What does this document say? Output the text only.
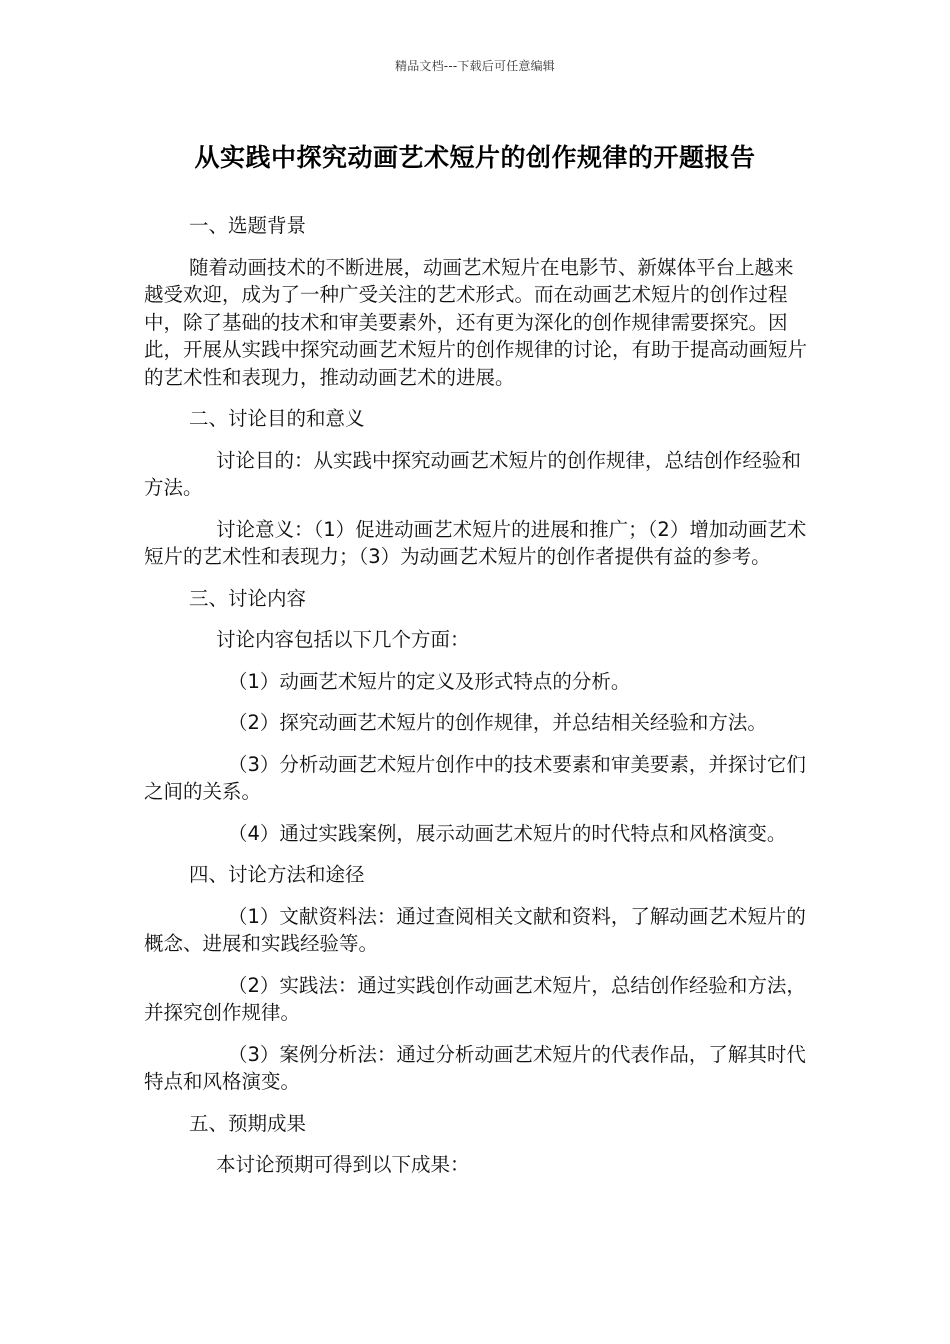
精品文档---下载后可任意编辑
从实践中探究动画艺术短片的创作规律的开题报告

一、选题背景

随着动画技术的不断进展，动画艺术短片在电影节、新媒体平台上越来越受欢迎，成为了一种广受关注的艺术形式。而在动画艺术短片的创作过程中，除了基础的技术和审美要素外，还有更为深化的创作规律需要探究。因此，开展从实践中探究动画艺术短片的创作规律的讨论，有助于提高动画短片的艺术性和表现力，推动动画艺术的进展。

二、讨论目的和意义

讨论目的：从实践中探究动画艺术短片的创作规律，总结创作经验和方法。

讨论意义：（1）促进动画艺术短片的进展和推广；（2）增加动画艺术短片的艺术性和表现力；（3）为动画艺术短片的创作者提供有益的参考。

三、讨论内容

讨论内容包括以下几个方面：

（1）动画艺术短片的定义及形式特点的分析。

（2）探究动画艺术短片的创作规律，并总结相关经验和方法。

（3）分析动画艺术短片创作中的技术要素和审美要素，并探讨它们之间的关系。

（4）通过实践案例，展示动画艺术短片的时代特点和风格演变。

四、讨论方法和途径

（1）文献资料法：通过查阅相关文献和资料，了解动画艺术短片的概念、进展和实践经验等。

（2）实践法：通过实践创作动画艺术短片，总结创作经验和方法，并探究创作规律。

（3）案例分析法：通过分析动画艺术短片的代表作品，了解其时代特点和风格演变。

五、预期成果

本讨论预期可得到以下成果：
